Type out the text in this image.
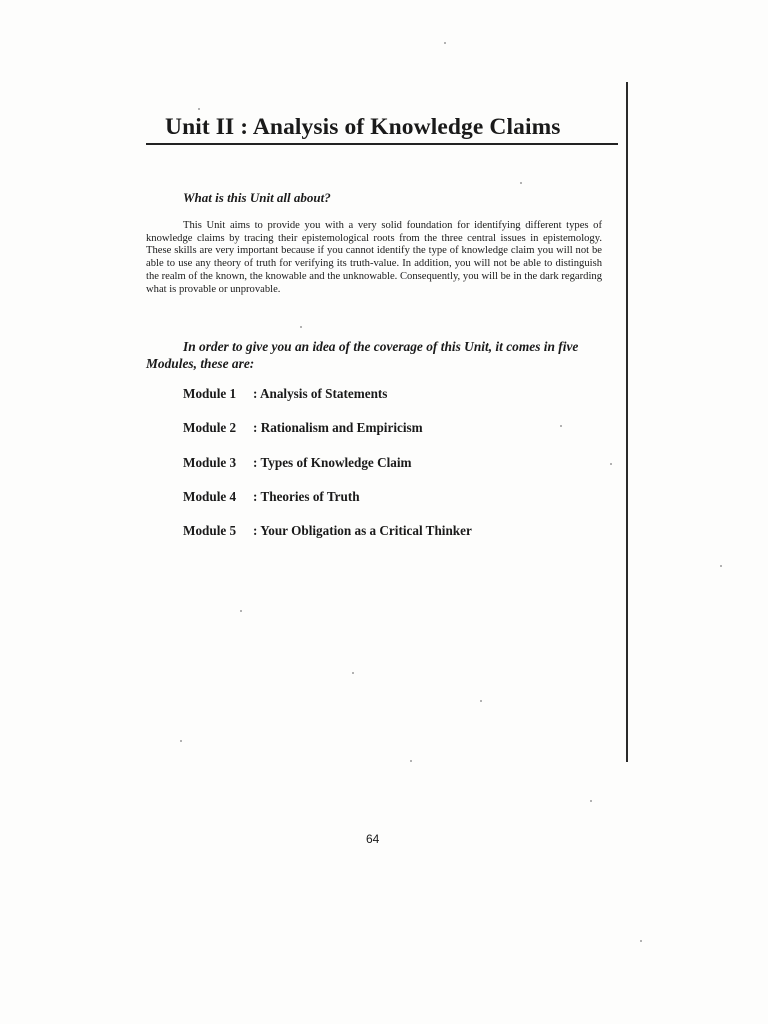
Unit II : Analysis of Knowledge Claims
What is this Unit all about?

This Unit aims to provide you with a very solid foundation for identifying different types of knowledge claims by tracing their epistemological roots from the three central issues in epistemology. These skills are very important because if you cannot identify the type of knowledge claim you will not be able to use any theory of truth for verifying its truth-value. In addition, you will not be able to distinguish the realm of the known, the knowable and the unknowable. Consequently, you will be in the dark regarding what is provable or unprovable.

In order to give you an idea of the coverage of this Unit, it comes in five Modules, these are:

Module 1 : Analysis of Statements
Module 2 : Rationalism and Empiricism
Module 3 : Types of Knowledge Claim
Module 4 : Theories of Truth
Module 5 : Your Obligation as a Critical Thinker
64
